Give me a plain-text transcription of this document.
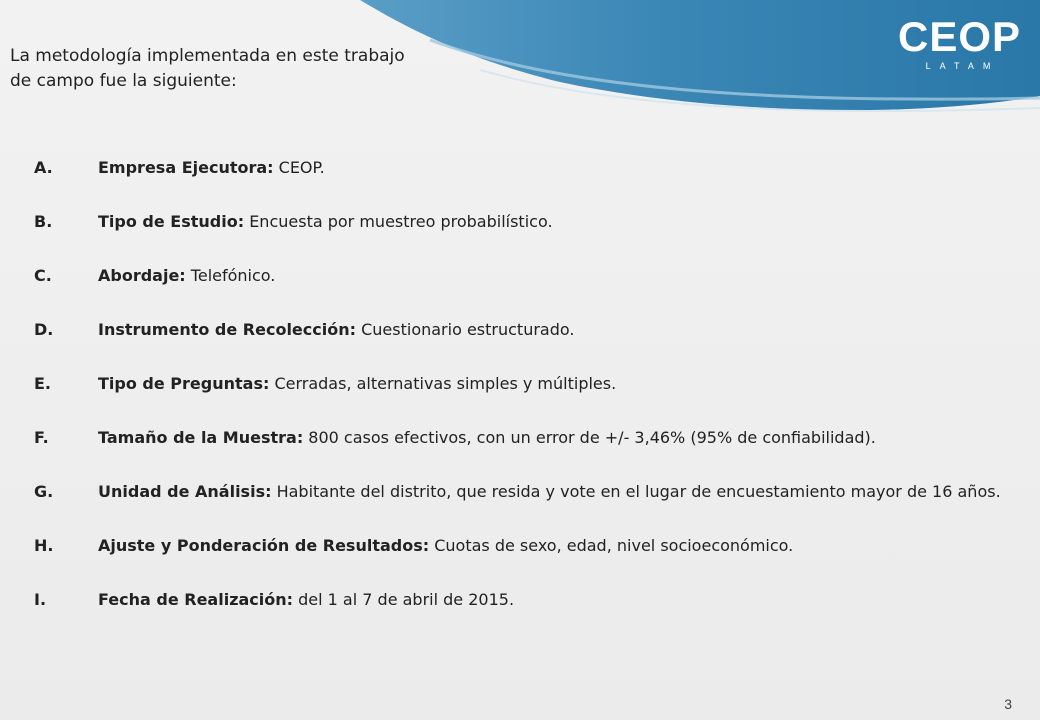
CEOP
LATAM
La metodología implementada en este trabajo de campo fue la siguiente:
A.	Empresa Ejecutora: CEOP.
B.	Tipo de Estudio: Encuesta por muestreo probabilístico.
C.	Abordaje: Telefónico.
D.	Instrumento de Recolección: Cuestionario estructurado.
E.	Tipo de Preguntas: Cerradas, alternativas simples y múltiples.
F.	Tamaño de la Muestra: 800 casos efectivos, con un error de +/- 3,46% (95% de confiabilidad).
G.	Unidad de Análisis: Habitante del distrito, que resida y vote en el lugar de encuestamiento mayor de 16 años.
H.	Ajuste y Ponderación de Resultados: Cuotas de sexo, edad, nivel socioeconómico.
I.	Fecha de Realización: del 1 al 7 de abril de 2015.
3
